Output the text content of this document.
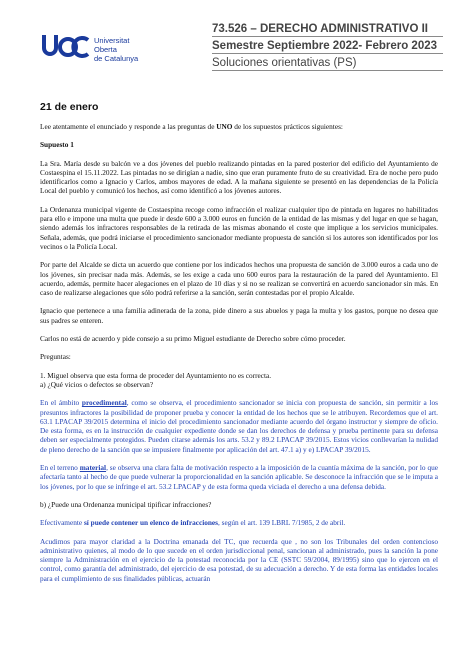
Universitat
Oberta
de Catalunya
73.526 – DERECHO ADMINISTRATIVO II
Semestre Septiembre 2022- Febrero 2023
Soluciones orientativas (PS)
21 de enero

Lee atentamente el enunciado y responde a las preguntas de UNO de los supuestos prácticos siguientes:

Supuesto 1

La Sra. María desde su balcón ve a dos jóvenes del pueblo realizando pintadas en la pared posterior del edificio del Ayuntamiento de Costaespina el 15.11.2022. Las pintadas no se dirigían a nadie, sino que eran puramente fruto de su creatividad. Era de noche pero pudo identificarlos como a Ignacio y Carlos, ambos mayores de edad. A la mañana siguiente se presentó en las dependencias de la Policía Local del pueblo y comunicó los hechos, así como identificó a los jóvenes autores.

La Ordenanza municipal vigente de Costaespina recoge como infracción el realizar cualquier tipo de pintada en lugares no habilitados para ello e impone una multa que puede ir desde 600 a 3.000 euros en función de la entidad de las mismas y del lugar en que se hagan, siendo además los infractores responsables de la retirada de las mismas abonando el coste que implique a los servicios municipales. Señala, además, que podrá iniciarse el procedimiento sancionador mediante propuesta de sanción si los autores son identificados por los vecinos o la Policía Local.

Por parte del Alcalde se dicta un acuerdo que contiene por los indicados hechos una propuesta de sanción de 3.000 euros a cada uno de los jóvenes, sin precisar nada más. Además, se les exige a cada uno 600 euros para la restauración de la pared del Ayuntamiento. El acuerdo, además, permite hacer alegaciones en el plazo de 10 días y si no se realizan se convertirá en acuerdo sancionador sin más. En caso de realizarse alegaciones que sólo podrá referirse a la sanción, serán contestadas por el propio Alcalde.

Ignacio que pertenece a una familia adinerada de la zona, pide dinero a sus abuelos y paga la multa y los gastos, porque no desea que sus padres se enteren.

Carlos no está de acuerdo y pide consejo a su primo Miguel estudiante de Derecho sobre cómo proceder.

Preguntas:

1. Miguel observa que esta forma de proceder del Ayuntamiento no es correcta.

a) ¿Qué vicios o defectos se observan?

En el ámbito procedimental, como se observa, el procedimiento sancionador se inicia con propuesta de sanción, sin permitir a los presuntos infractores la posibilidad de proponer prueba y conocer la entidad de los hechos que se le atribuyen. Recordemos que el art. 63.1 LPACAP 39/2015 determina el inicio del procedimiento sancionador mediante acuerdo del órgano instructor y siempre de oficio. De esta forma, es en la instrucción de cualquier expediente donde se dan los derechos de defensa y prueba pertinente para su defensa deben ser especialmente protegidos. Pueden citarse además los arts. 53.2 y 89.2 LPACAP 39/2015. Estos vicios conllevarían la nulidad de pleno derecho de la sanción que se impusiere finalmente por aplicación del art. 47.1 a) y e) LPACAP 39/2015.

En el terreno material, se observa una clara falta de motivación respecto a la imposición de la cuantía máxima de la sanción, por lo que afectaría tanto al hecho de que puede vulnerar la proporcionalidad en la sanción aplicable. Se desconoce la infracción que se le imputa a los jóvenes, por lo que se infringe el art. 53.2 LPACAP y de esta forma queda viciada el derecho a una defensa debida.

b) ¿Puede una Ordenanza municipal tipificar infracciones?

Efectivamente sí puede contener un elenco de infracciones, según el art. 139 LBRL 7/1985, 2 de abril.

Acudimos para mayor claridad a la Doctrina emanada del TC, que recuerda que , no son los Tribunales del orden contencioso administrativo quienes, al modo de lo que sucede en el orden jurisdiccional penal, sancionan al administrado, pues la sanción la pone siempre la Administración en el ejercicio de la potestad reconocida por la CE (SSTC 59/2004, 89/1995) sino que lo ejercen en el control, como garantía del administrado, del ejercicio de esa potestad, de su adecuación a derecho. Y de esta forma las entidades locales para el cumplimiento de sus finalidades públicas, actuarán
